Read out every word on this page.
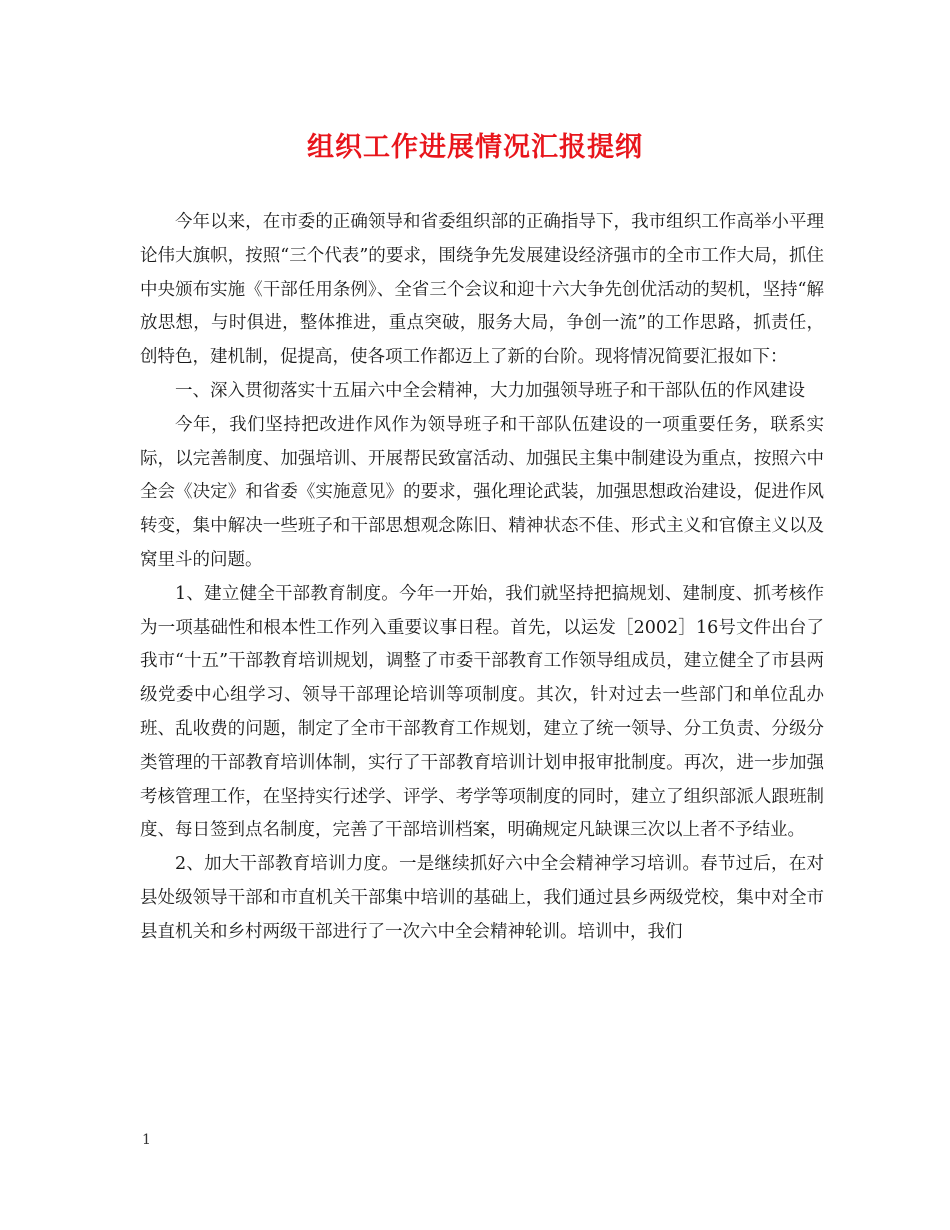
组织工作进展情况汇报提纲

今年以来，在市委的正确领导和省委组织部的正确指导下，我市组织工作高举小平理论伟大旗帜，按照“三个代表”的要求，围绕争先发展建设经济强市的全市工作大局，抓住中央颁布实施《干部任用条例》、全省三个会议和迎十六大争先创优活动的契机，坚持“解放思想，与时俱进，整体推进，重点突破，服务大局，争创一流”的工作思路，抓责任，创特色，建机制，促提高，使各项工作都迈上了新的台阶。现将情况简要汇报如下：

一、深入贯彻落实十五届六中全会精神，大力加强领导班子和干部队伍的作风建设

今年，我们坚持把改进作风作为领导班子和干部队伍建设的一项重要任务，联系实际，以完善制度、加强培训、开展帮民致富活动、加强民主集中制建设为重点，按照六中全会《决定》和省委《实施意见》的要求，强化理论武装，加强思想政治建设，促进作风转变，集中解决一些班子和干部思想观念陈旧、精神状态不佳、形式主义和官僚主义以及窝里斗的问题。

1、建立健全干部教育制度。今年一开始，我们就坚持把搞规划、建制度、抓考核作为一项基础性和根本性工作列入重要议事日程。首先，以运发［2002］16号文件出台了我市“十五”干部教育培训规划，调整了市委干部教育工作领导组成员，建立健全了市县两级党委中心组学习、领导干部理论培训等项制度。其次，针对过去一些部门和单位乱办班、乱收费的问题，制定了全市干部教育工作规划，建立了统一领导、分工负责、分级分类管理的干部教育培训体制，实行了干部教育培训计划申报审批制度。再次，进一步加强考核管理工作，在坚持实行述学、评学、考学等项制度的同时，建立了组织部派人跟班制度、每日签到点名制度，完善了干部培训档案，明确规定凡缺课三次以上者不予结业。

2、加大干部教育培训力度。一是继续抓好六中全会精神学习培训。春节过后，在对县处级领导干部和市直机关干部集中培训的基础上，我们通过县乡两级党校，集中对全市县直机关和乡村两级干部进行了一次六中全会精神轮训。培训中，我们

1
